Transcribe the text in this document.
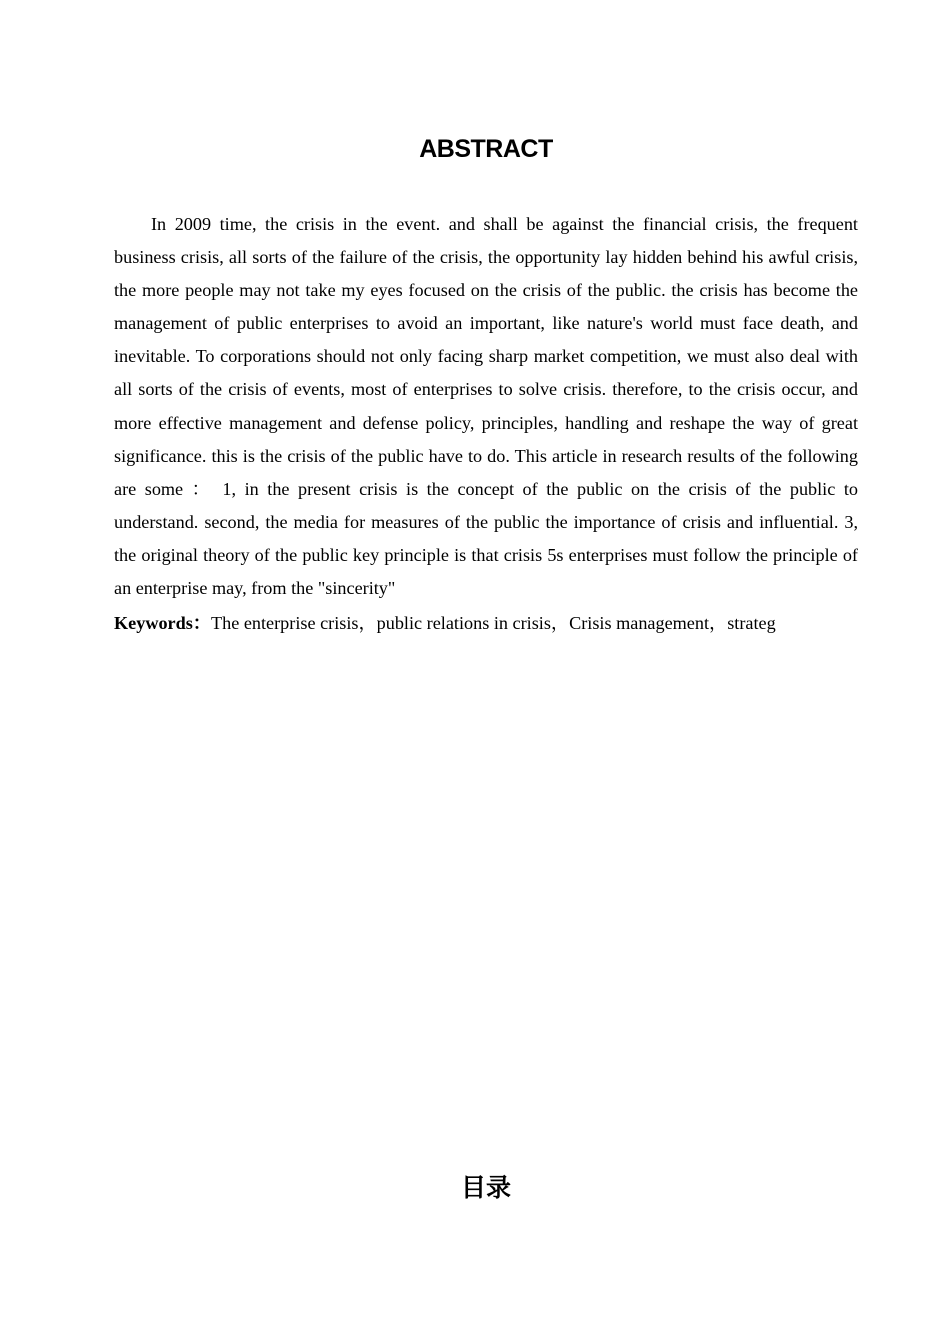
ABSTRACT

In 2009 time, the crisis in the event. and shall be against the financial crisis, the frequent business crisis, all sorts of the failure of the crisis, the opportunity lay hidden behind his awful crisis, the more people may not take my eyes focused on the crisis of the public. the crisis has become the management of public enterprises to avoid an important, like nature's world must face death, and inevitable. To corporations should not only facing sharp market competition, we must also deal with all sorts of the crisis of events, most of enterprises to solve crisis. therefore, to the crisis occur, and more effective management and defense policy, principles, handling and reshape the way of great significance. this is the crisis of the public have to do. This article in research results of the following are some ： 1, in the present crisis is the concept of the public on the crisis of the public to understand. second, the media for measures of the public the importance of crisis and influential. 3, the original theory of the public key principle is that crisis 5s enterprises must follow the principle of an enterprise may, from the "sincerity"

Keywords：The enterprise crisis，public relations in crisis，Crisis management，strateg

目录
